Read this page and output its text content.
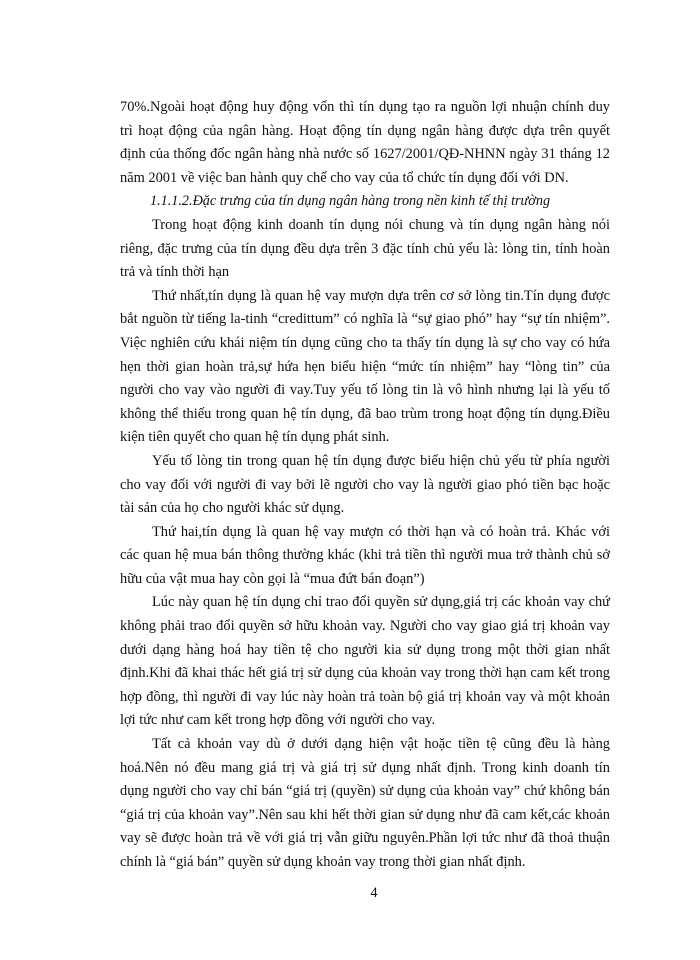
70%.Ngoài hoạt động huy động vốn thì tín dụng tạo ra nguồn lợi nhuận chính duy
trì hoạt động của ngân hàng. Hoạt động tín dụng ngân hàng được dựa trên quyết
định của thống đốc ngân hàng nhà nước số 1627/2001/QĐ-NHNN ngày 31 tháng 12
năm 2001 về việc ban hành quy chế cho vay của tổ chức tín dụng đối với DN.
1.1.1.2.Đặc trưng của tín dụng ngân hàng trong nền kinh tế thị trường
Trong hoạt động kinh doanh tín dụng nói chung và tín dụng ngân hàng nói
riêng, đặc trưng của tín dụng đều dựa trên 3 đặc tính chủ yếu là: lòng tin, tính hoàn
trả và tính thời hạn
Thứ nhất,tín dụng là quan hệ vay mượn dựa trên cơ sở lòng tin.Tín dụng được
bắt nguồn từ tiếng la-tinh “credittum” có nghĩa là “sự giao phó” hay “sự tín nhiệm”.
Việc nghiên cứu khái niệm tín dụng cũng cho ta thấy tín dụng là sự cho vay có hứa
hẹn thời gian hoàn trả,sự hứa hẹn biểu hiện “mức tín nhiệm” hay “lòng tin” của
người cho vay vào người đi vay.Tuy yếu tố lòng tin là vô hình nhưng lại là yếu tố
không thể thiếu trong quan hệ tín dụng, đã bao trùm trong hoạt động tín dụng.Điều
kiện tiên quyết cho quan hệ tín dụng phát sinh.
Yếu tố lòng tin trong quan hệ tín dụng được biểu hiện chủ yếu từ phía người
cho vay đối với người đi vay bởi lẽ người cho vay là người giao phó tiền bạc hoặc
tài sản của họ cho người khác sử dụng.
Thứ hai,tín dụng là quan hệ vay mượn có thời hạn và có hoàn trả. Khác với
các quan hệ mua bán thông thường khác (khi trả tiền thì người mua trở thành chủ sở
hữu của vật mua hay còn gọi là “mua đứt bán đoạn”)
Lúc này quan hệ tín dụng chỉ trao đổi quyền sử dụng,giá trị các khoản vay chứ
không phải trao đổi quyền sở hữu khoản vay. Người cho vay giao giá trị khoản vay
dưới dạng hàng hoá hay tiền tệ cho người kia sử dụng trong một thời gian nhất
định.Khi đã khai thác hết giá trị sử dụng của khoản vay trong thời hạn cam kết trong
hợp đồng, thì người đi vay lúc này hoàn trả toàn bộ giá trị khoản vay và một khoản
lợi tức như cam kết trong hợp đồng với người cho vay.
Tất cả khoản vay dù ở dưới dạng hiện vật hoặc tiền tệ cũng đều là hàng
hoá.Nên nó đều mang giá trị và giá trị sử dụng nhất định. Trong kinh doanh tín
dụng người cho vay chỉ bán “giá trị (quyền) sử dụng của khoản vay” chứ không bán
“giá trị của khoản vay”.Nên sau khi hết thời gian sử dụng như đã cam kết,các khoản
vay sẽ được hoàn trả về với giá trị vẫn giữu nguyên.Phần lợi tức như đã thoả thuận
chính là “giá bán” quyền sử dụng khoản vay trong thời gian nhất định.
4
